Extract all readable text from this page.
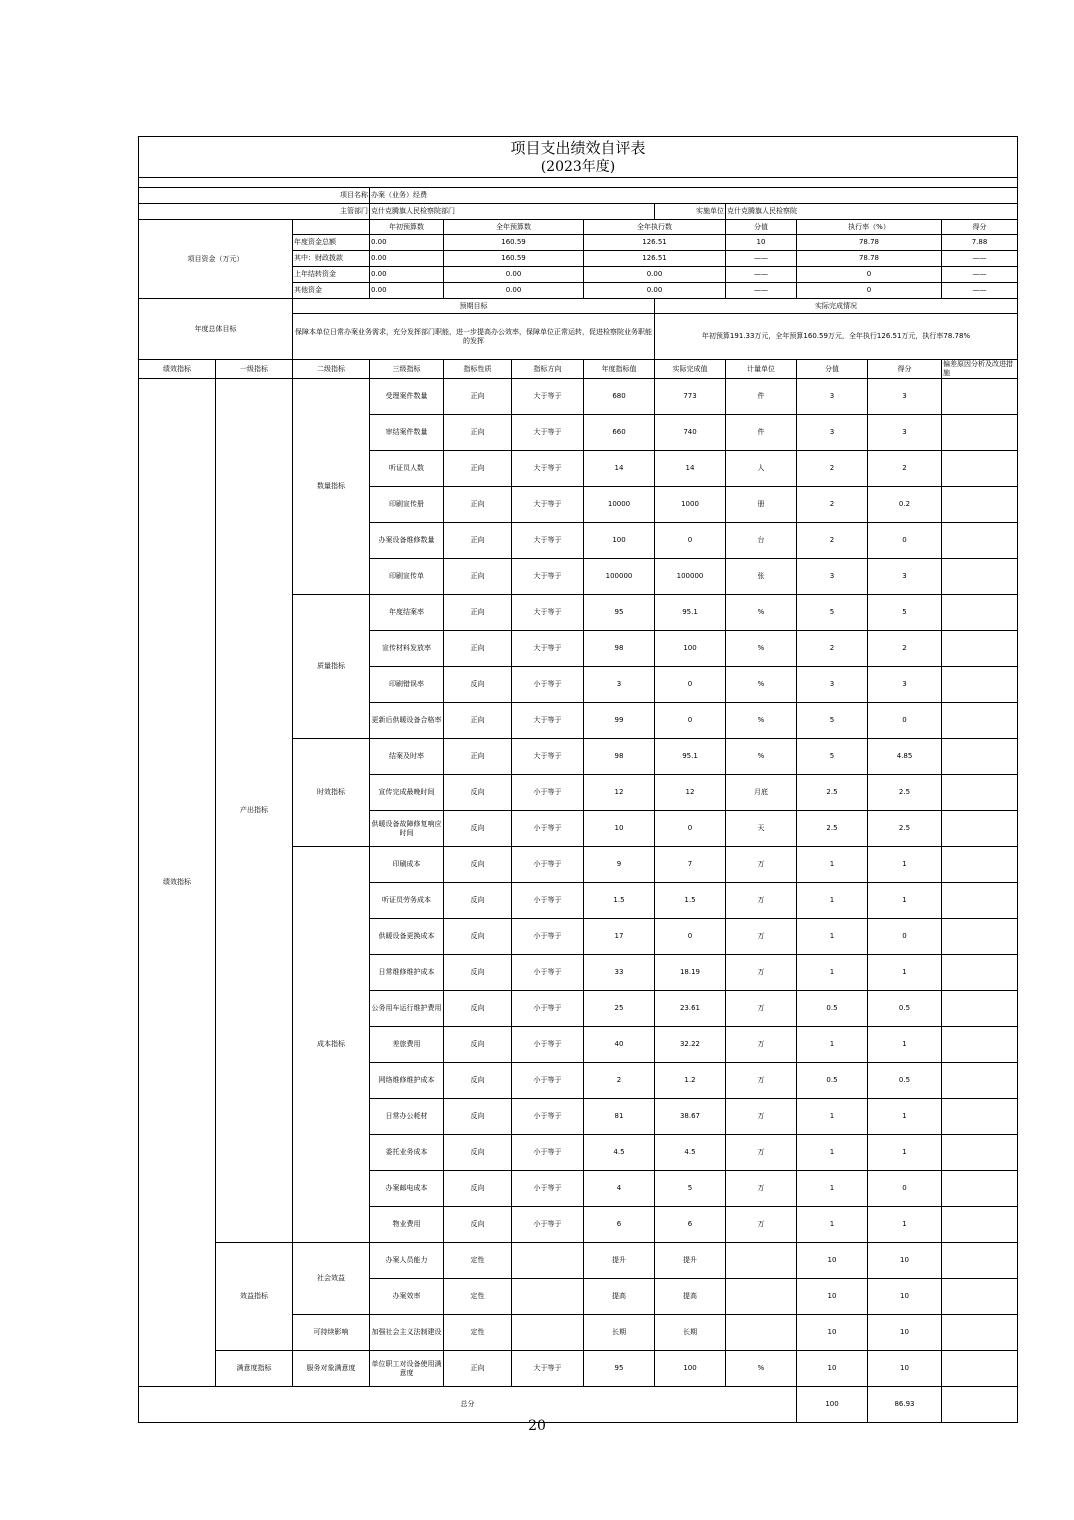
项目支出绩效自评表
(2023年度)											

		项目名称	办案（业务）经费								
		主管部门	克什克腾旗人民检察院部门				实施单位	克什克腾旗人民检察院			
项目资金（万元）			年初预算数	全年预算数		全年执行数		分值	执行率（%）		得分
		年度资金总额	0.00	160.59		126.51		10	78.78		7.88
		其中：财政拨款	0.00	160.59		126.51		——	78.78		——
		上年结转资金	0.00	0.00		0.00		——	0		——
		其他资金	0.00	0.00		0.00		——	0		——
年度总体目标		预期目标					实际完成情况				
		保障本单位日常办案业务需求，充分发挥部门职能，进一步提高办公效率，保障单位正常运转，促进检察院业务职能的发挥					年初预算191.33万元，全年预算160.59万元，全年执行126.51万元，执行率78.78%				
绩效指标	一级指标	二级指标	三级指标	指标性质	指标方向	年度指标值	实际完成值	计量单位	分值	得分	偏差原因分析及改进措施
绩效指标	产出指标	数量指标	受理案件数量	正向	大于等于	680	773	件	3	3	
			审结案件数量	正向	大于等于	660	740	件	3	3	
			听证员人数	正向	大于等于	14	14	人	2	2	
			印刷宣传册	正向	大于等于	10000	1000	册	2	0.2	
			办案设备维修数量	正向	大于等于	100	0	台	2	0	
			印刷宣传单	正向	大于等于	100000	100000	张	3	3	
		质量指标	年度结案率	正向	大于等于	95	95.1	%	5	5	
			宣传材料发放率	正向	大于等于	98	100	%	2	2	
			印刷错误率	反向	小于等于	3	0	%	3	3	
			更新后供暖设备合格率	正向	大于等于	99	0	%	5	0	
		时效指标	结案及时率	正向	大于等于	98	95.1	%	5	4.85	
			宣传完成最晚时间	反向	小于等于	12	12	月底	2.5	2.5	
			供暖设备故障修复响应时间	反向	小于等于	10	0	天	2.5	2.5	
		成本指标	印刷成本	反向	小于等于	9	7	万	1	1	
			听证员劳务成本	反向	小于等于	1.5	1.5	万	1	1	
			供暖设备更换成本	反向	小于等于	17	0	万	1	0	
			日常维修维护成本	反向	小于等于	33	18.19	万	1	1	
			公务用车运行维护费用	反向	小于等于	25	23.61	万	0.5	0.5	
			差旅费用	反向	小于等于	40	32.22	万	1	1	
			网络维修维护成本	反向	小于等于	2	1.2	万	0.5	0.5	
			日常办公耗材	反向	小于等于	81	38.67	万	1	1	
			委托业务成本	反向	小于等于	4.5	4.5	万	1	1	
			办案邮电成本	反向	小于等于	4	5	万	1	0	
			物业费用	反向	小于等于	6	6	万	1	1	
	效益指标	社会效益	办案人员能力	定性		提升	提升		10	10	
			办案效率	定性		提高	提高		10	10	
		可持续影响	加强社会主义法制建设	定性		长期	长期		10	10	
	满意度指标	服务对象满意度	单位职工对设备使用满意度	正向	大于等于	95	100	%	10	10	
总分									100	86.93	
20
